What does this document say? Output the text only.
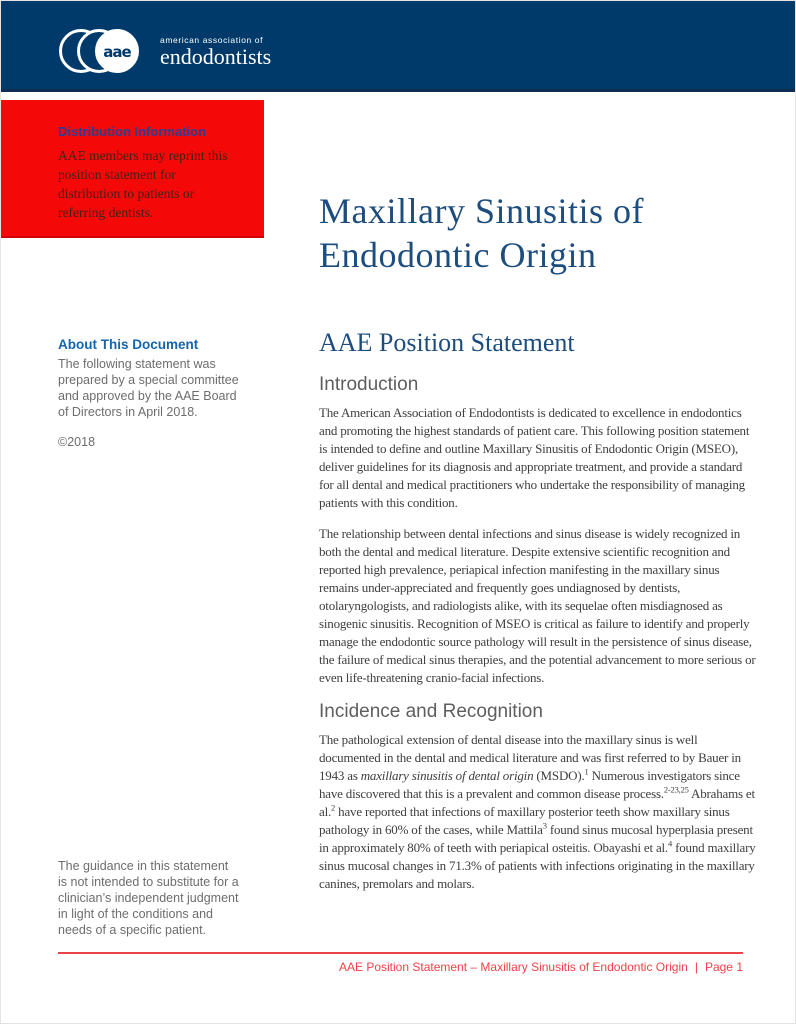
aae
american association of
endodontists
Distribution Information
AAE members may reprint this position statement for distribution to patients or referring dentists.
About This Document
The following statement was prepared by a special committee and approved by the AAE Board of Directors in April 2018.
©2018
The guidance in this statement is not intended to substitute for a clinician’s independent judgment in light of the conditions and needs of a specific patient.
Maxillary Sinusitis of
Endodontic Origin
AAE Position Statement
Introduction

The American Association of Endodontists is dedicated to excellence in endodontics and promoting the highest standards of patient care. This following position statement is intended to define and outline Maxillary Sinusitis of Endodontic Origin (MSEO), deliver guidelines for its diagnosis and appropriate treatment, and provide a standard for all dental and medical practitioners who undertake the responsibility of managing patients with this condition.

The relationship between dental infections and sinus disease is widely recognized in both the dental and medical literature. Despite extensive scientific recognition and reported high prevalence, periapical infection manifesting in the maxillary sinus remains under-appreciated and frequently goes undiagnosed by dentists, otolaryngologists, and radiologists alike, with its sequelae often misdiagnosed as sinogenic sinusitis. Recognition of MSEO is critical as failure to identify and properly manage the endodontic source pathology will result in the persistence of sinus disease, the failure of medical sinus therapies, and the potential advancement to more serious or even life-threatening cranio-facial infections.

Incidence and Recognition

The pathological extension of dental disease into the maxillary sinus is well documented in the dental and medical literature and was first referred to by Bauer in 1943 as maxillary sinusitis of dental origin (MSDO).$^1$ Numerous investigators since have discovered that this is a prevalent and common disease process.$^{2-23,25}$ Abrahams et al.$^2$ have reported that infections of maxillary posterior teeth show maxillary sinus pathology in 60% of the cases, while Mattila$^3$ found sinus mucosal hyperplasia present in approximately 80% of teeth with periapical osteitis. Obayashi et al.$^4$ found maxillary sinus mucosal changes in 71.3% of patients with infections originating in the maxillary canines, premolars and molars.

AAE Position Statement – Maxillary Sinusitis of Endodontic Origin | Page 1
